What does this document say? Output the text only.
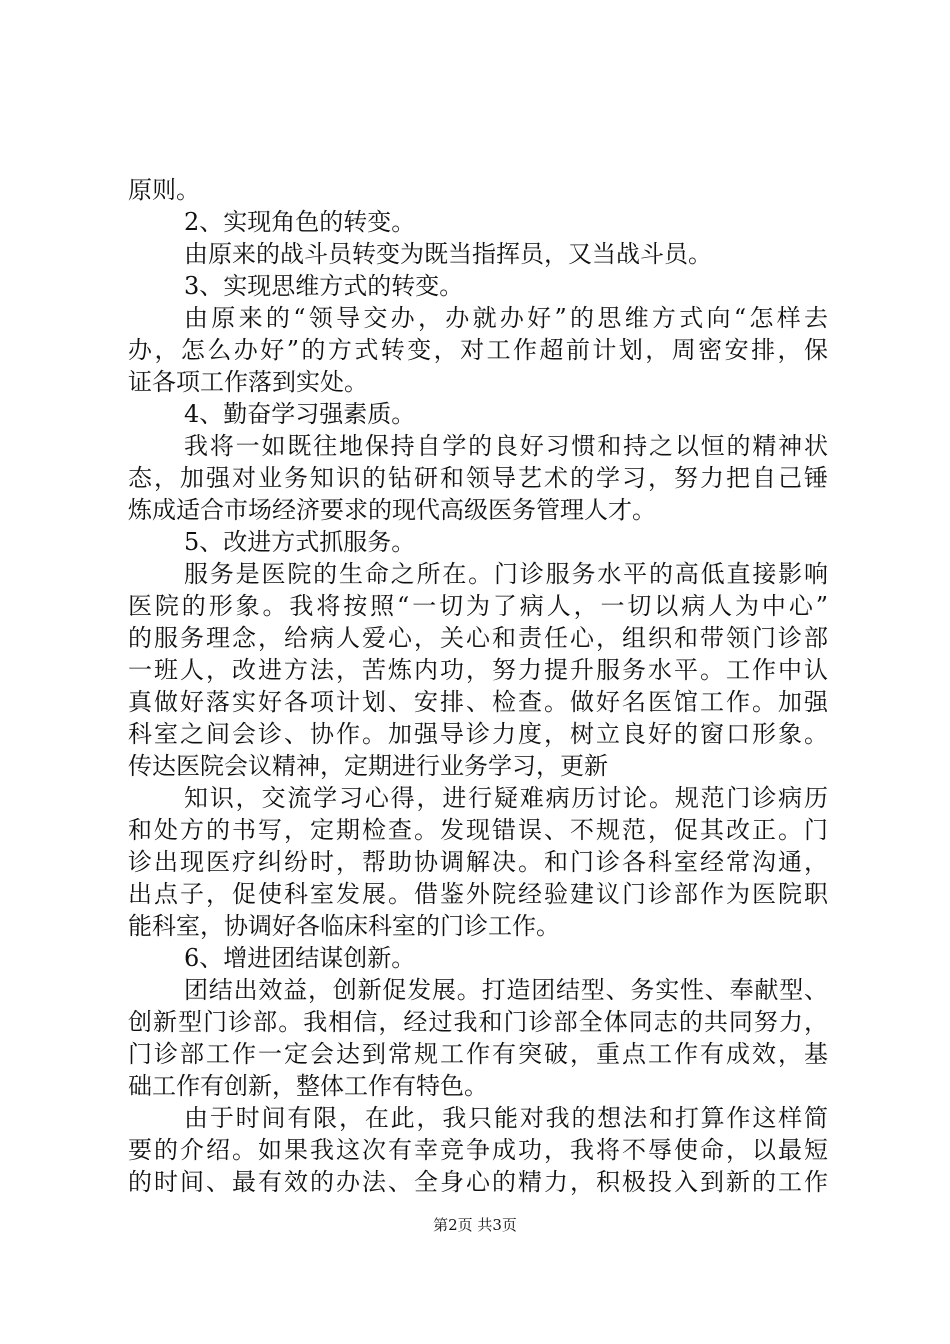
原则。
2、实现角色的转变。
由原来的战斗员转变为既当指挥员，又当战斗员。
3、实现思维方式的转变。
由原来的“领导交办，办就办好”的思维方式向“怎样去
办，怎么办好”的方式转变，对工作超前计划，周密安排，保
证各项工作落到实处。
4、勤奋学习强素质。
我将一如既往地保持自学的良好习惯和持之以恒的精神状
态，加强对业务知识的钻研和领导艺术的学习，努力把自己锤
炼成适合市场经济要求的现代高级医务管理人才。
5、改进方式抓服务。
服务是医院的生命之所在。门诊服务水平的高低直接影响
医院的形象。我将按照“一切为了病人，一切以病人为中心”
的服务理念，给病人爱心，关心和责任心，组织和带领门诊部
一班人，改进方法，苦炼内功，努力提升服务水平。工作中认
真做好落实好各项计划、安排、检查。做好名医馆工作。加强
科室之间会诊、协作。加强导诊力度，树立良好的窗口形象。
传达医院会议精神，定期进行业务学习，更新
知识，交流学习心得，进行疑难病历讨论。规范门诊病历
和处方的书写，定期检查。发现错误、不规范，促其改正。门
诊出现医疗纠纷时，帮助协调解决。和门诊各科室经常沟通，
出点子，促使科室发展。借鉴外院经验建议门诊部作为医院职
能科室，协调好各临床科室的门诊工作。
6、增进团结谋创新。
团结出效益，创新促发展。打造团结型、务实性、奉献型、
创新型门诊部。我相信，经过我和门诊部全体同志的共同努力，
门诊部工作一定会达到常规工作有突破，重点工作有成效，基
础工作有创新，整体工作有特色。
由于时间有限，在此，我只能对我的想法和打算作这样简
要的介绍。如果我这次有幸竞争成功，我将不辱使命，以最短
的时间、最有效的办法、全身心的精力，积极投入到新的工作
第2页 共3页
